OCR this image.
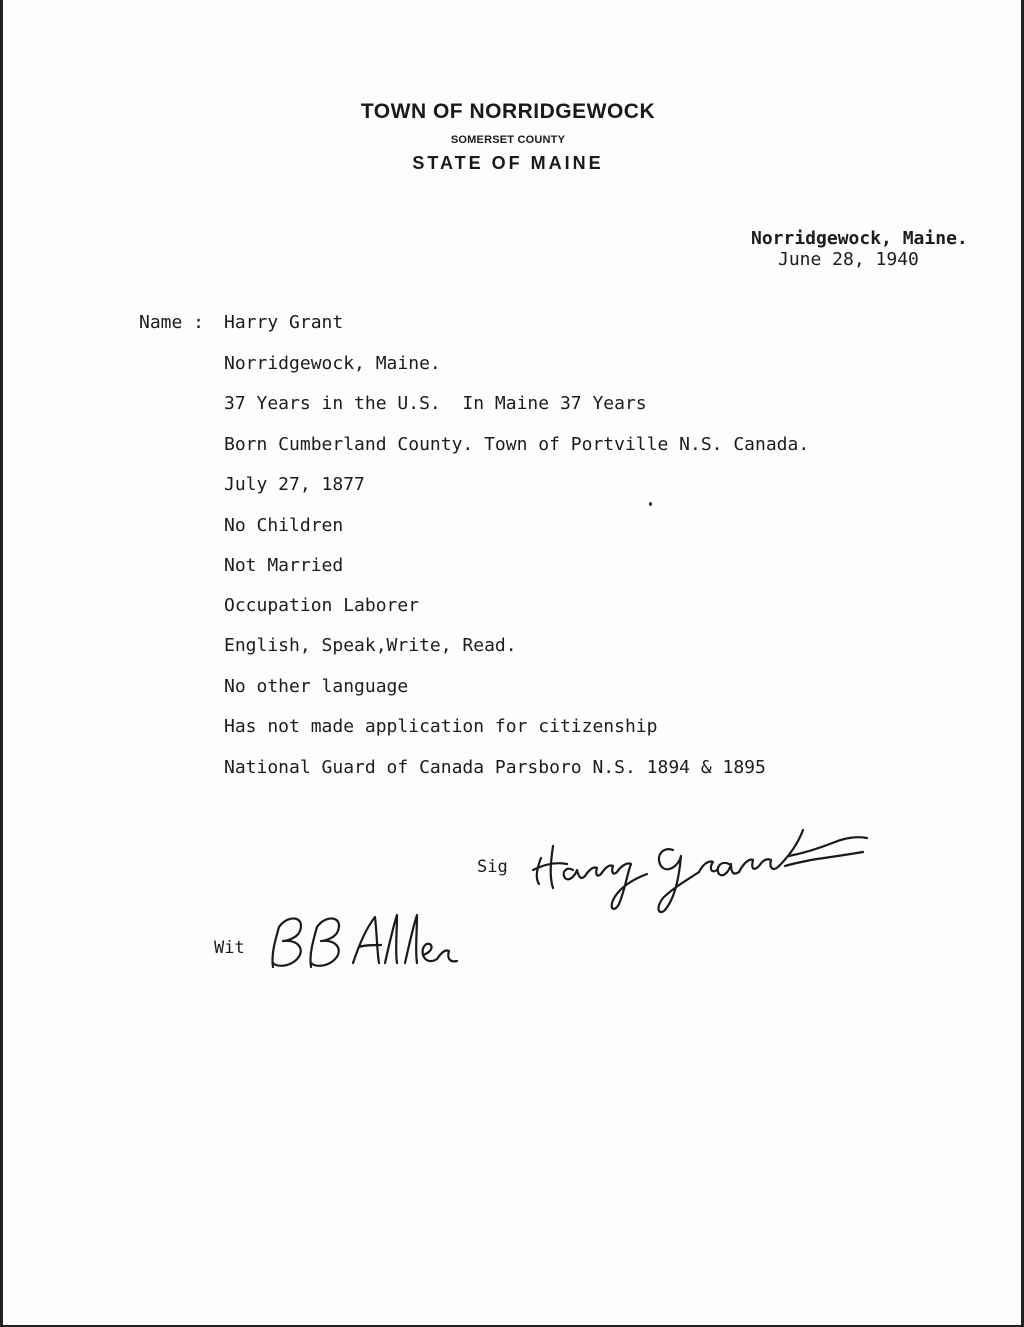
TOWN OF NORRIDGEWOCK
SOMERSET COUNTY
STATE OF MAINE
Norridgewock, Maine.
June 28, 1940
Name : Harry Grant
Norridgewock, Maine.
37 Years in the U.S.  In Maine 37 Years
Born Cumberland County. Town of Portville N.S. Canada.
July 27, 1877
No Children
Not Married
Occupation Laborer
English, Speak,Write, Read.
No other language
Has not made application for citizenship
National Guard of Canada Parsboro N.S. 1894 & 1895
Sig
Wit
